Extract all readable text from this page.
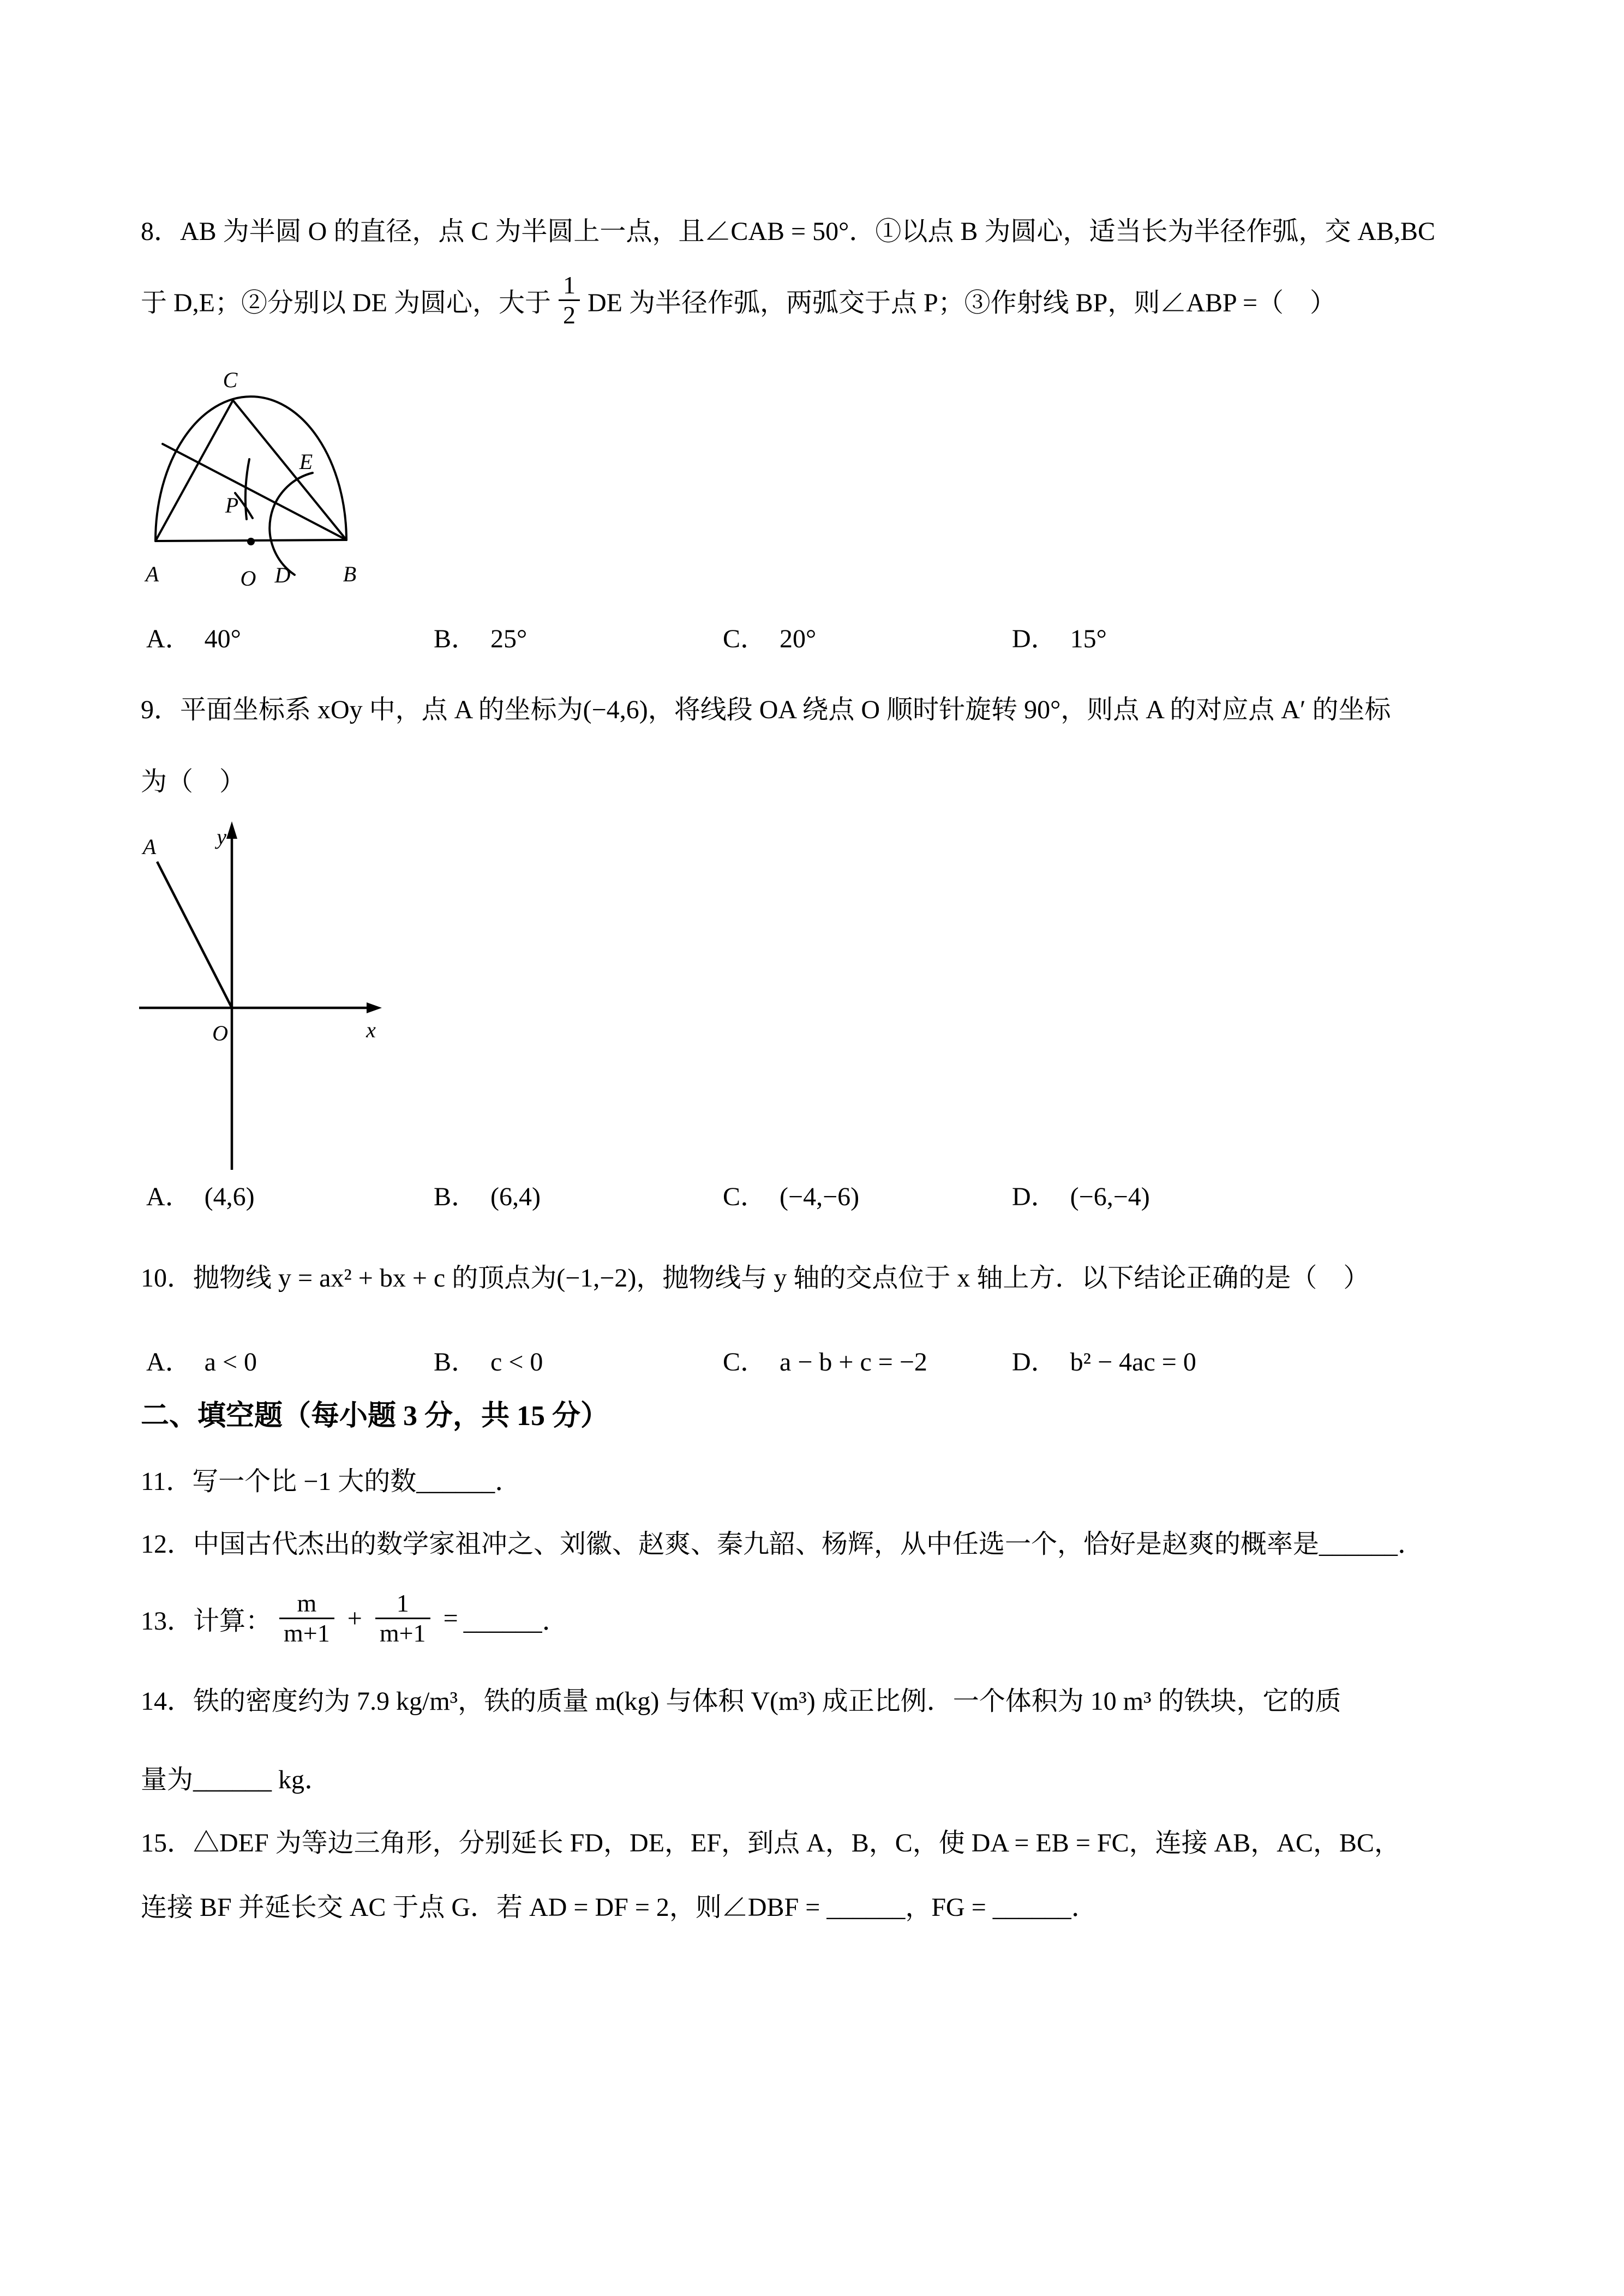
8．AB 为半圆 O 的直径，点 C 为半圆上一点，且∠CAB = 50°．①以点 B 为圆心，适当长为半径作弧，交 AB,BC
于 D,E；②分别以 DE 为圆心，大于 $\frac{1}{2}$ DE 为半径作弧，两弧交于点 P；③作射线 BP，则∠ABP =（　）
C
E
P
A	O D B
A． 40°	B． 25°	C． 20°	D． 15°
9．平面坐标系 xOy 中，点 A 的坐标为(−4,6)，将线段 OA 绕点 O 顺时针旋转 90°，则点 A 的对应点 A′ 的坐标
为（　）
A	y
x
O
A． (4,6)	B． (6,4)	C． (−4,−6)	D． (−6,−4)
10．抛物线 y = ax² + bx + c 的顶点为(−1,−2)，抛物线与 y 轴的交点位于 x 轴上方．以下结论正确的是（　）
A． a < 0	B． c < 0	C． a − b + c = −2	D． b² − 4ac = 0
二、填空题（每小题 3 分，共 15 分）
11．写一个比 −1 大的数______．
12．中国古代杰出的数学家祖冲之、刘徽、赵爽、秦九韶、杨辉，从中任选一个，恰好是赵爽的概率是______．
13．计算： $\frac{m}{m+1} + \frac{1}{m+1}$ = ______．
14．铁的密度约为 7.9 kg/m³，铁的质量 m(kg) 与体积 V(m³) 成正比例．一个体积为 10 m³ 的铁块，它的质
量为______ kg．
15．△DEF 为等边三角形，分别延长 FD，DE，EF，到点 A，B，C，使 DA = EB = FC，连接 AB，AC，BC，
连接 BF 并延长交 AC 于点 G．若 AD = DF = 2，则∠DBF = ______，FG = ______．
